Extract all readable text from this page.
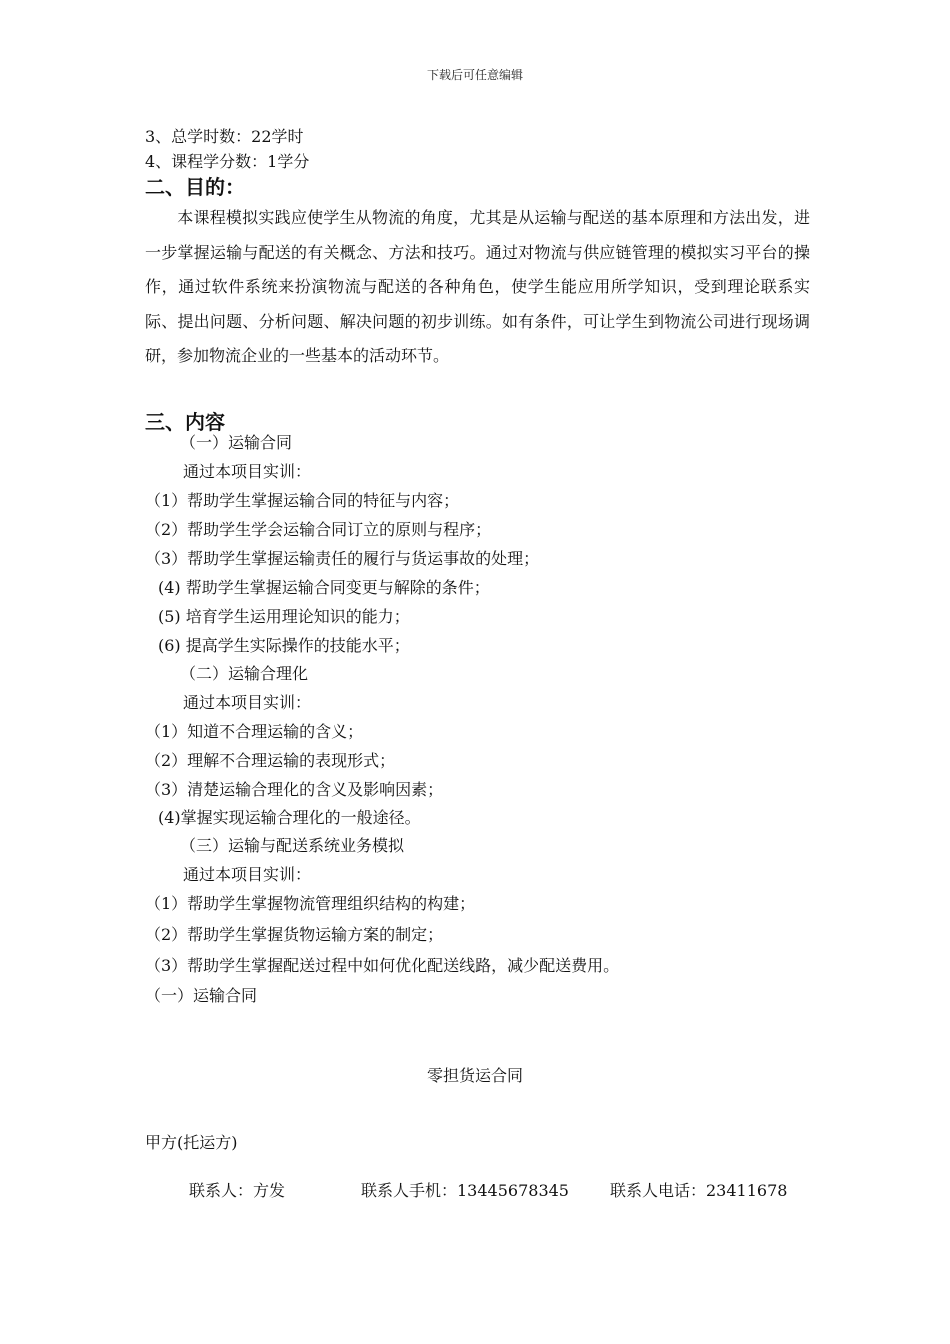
下载后可任意编辑
3、总学时数：22学时
4、课程学分数：1学分
二、目的：
本课程模拟实践应使学生从物流的角度，尤其是从运输与配送的基本原理和方法出发，进一步掌握运输与配送的有关概念、方法和技巧。通过对物流与供应链管理的模拟实习平台的操作，通过软件系统来扮演物流与配送的各种角色，使学生能应用所学知识，受到理论联系实际、提出问题、分析问题、解决问题的初步训练。如有条件，可让学生到物流公司进行现场调研，参加物流企业的一些基本的活动环节。
三、内容
（一）运输合同
通过本项目实训：
（1）帮助学生掌握运输合同的特征与内容；
（2）帮助学生学会运输合同订立的原则与程序；
（3）帮助学生掌握运输责任的履行与货运事故的处理；
(4) 帮助学生掌握运输合同变更与解除的条件；
(5) 培育学生运用理论知识的能力；
(6) 提高学生实际操作的技能水平；
（二）运输合理化
通过本项目实训：
（1）知道不合理运输的含义；
（2）理解不合理运输的表现形式；
（3）清楚运输合理化的含义及影响因素；
(4)掌握实现运输合理化的一般途径。
（三）运输与配送系统业务模拟
通过本项目实训：
（1）帮助学生掌握物流管理组织结构的构建；
（2）帮助学生掌握货物运输方案的制定；
（3）帮助学生掌握配送过程中如何优化配送线路，减少配送费用。
（一）运输合同
零担货运合同
甲方(托运方)
联系人：方发	联系人手机：13445678345	联系人电话：23411678
